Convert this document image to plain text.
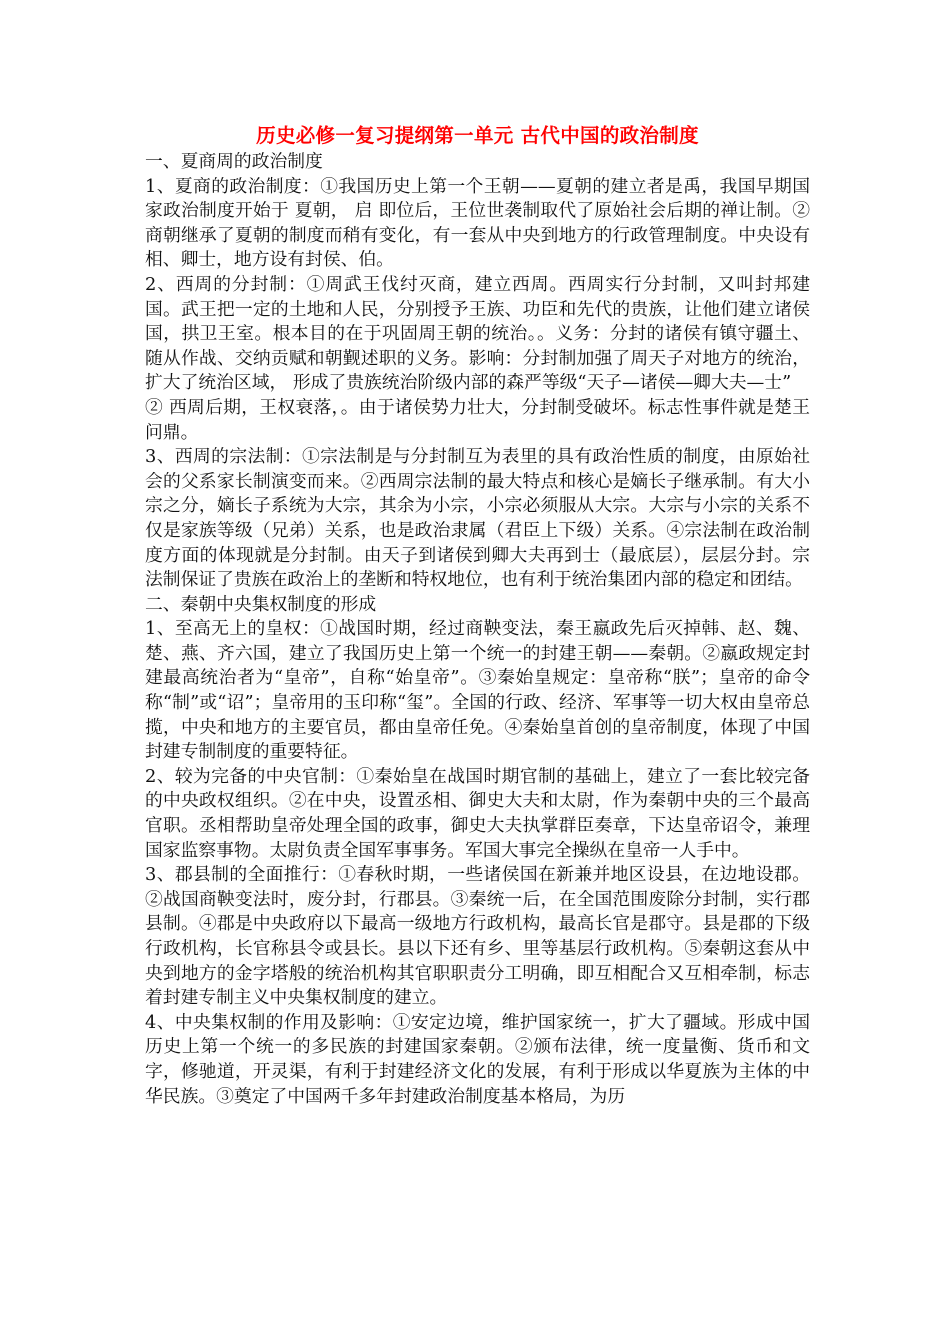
历史必修一复习提纲第一单元 古代中国的政治制度

一、夏商周的政治制度

1、夏商的政治制度：①我国历史上第一个王朝——夏朝的建立者是禹，我国早期国家政治制度开始于 夏朝， 启 即位后，王位世袭制取代了原始社会后期的禅让制。②商朝继承了夏朝的制度而稍有变化，有一套从中央到地方的行政管理制度。中央设有相、卿士，地方设有封侯、伯。

2、西周的分封制：①周武王伐纣灭商，建立西周。西周实行分封制，又叫封邦建国。武王把一定的土地和人民，分别授予王族、功臣和先代的贵族，让他们建立诸侯国，拱卫王室。根本目的在于巩固周王朝的统治。。义务：分封的诸侯有镇守疆土、随从作战、交纳贡赋和朝觐述职的义务。影响：分封制加强了周天子对地方的统治，扩大了统治区域， 形成了贵族统治阶级内部的森严等级“天子—诸侯—卿大夫—士”

② 西周后期，王权衰落，。由于诸侯势力壮大，分封制受破坏。标志性事件就是楚王问鼎。

3、西周的宗法制：①宗法制是与分封制互为表里的具有政治性质的制度，由原始社会的父系家长制演变而来。②西周宗法制的最大特点和核心是嫡长子继承制。有大小宗之分，嫡长子系统为大宗，其余为小宗，小宗必须服从大宗。大宗与小宗的关系不仅是家族等级（兄弟）关系，也是政治隶属（君臣上下级）关系。④宗法制在政治制度方面的体现就是分封制。由天子到诸侯到卿大夫再到士（最底层），层层分封。宗法制保证了贵族在政治上的垄断和特权地位，也有利于统治集团内部的稳定和团结。

二、秦朝中央集权制度的形成

1、至高无上的皇权：①战国时期，经过商鞅变法，秦王嬴政先后灭掉韩、赵、魏、楚、燕、齐六国，建立了我国历史上第一个统一的封建王朝——秦朝。②嬴政规定封建最高统治者为“皇帝”，自称“始皇帝”。③秦始皇规定：皇帝称“朕”；皇帝的命令称“制”或“诏”；皇帝用的玉印称“玺”。全国的行政、经济、军事等一切大权由皇帝总揽，中央和地方的主要官员，都由皇帝任免。④秦始皇首创的皇帝制度，体现了中国封建专制制度的重要特征。

2、较为完备的中央官制：①秦始皇在战国时期官制的基础上，建立了一套比较完备的中央政权组织。②在中央，设置丞相、御史大夫和太尉，作为秦朝中央的三个最高官职。丞相帮助皇帝处理全国的政事，御史大夫执掌群臣奏章，下达皇帝诏令，兼理国家监察事物。太尉负责全国军事事务。军国大事完全操纵在皇帝一人手中。

3、郡县制的全面推行：①春秋时期，一些诸侯国在新兼并地区设县，在边地设郡。②战国商鞅变法时，废分封，行郡县。③秦统一后，在全国范围废除分封制，实行郡县制。④郡是中央政府以下最高一级地方行政机构，最高长官是郡守。县是郡的下级行政机构，长官称县令或县长。县以下还有乡、里等基层行政机构。⑤秦朝这套从中央到地方的金字塔般的统治机构其官职职责分工明确，即互相配合又互相牵制，标志着封建专制主义中央集权制度的建立。

4、中央集权制的作用及影响：①安定边境，维护国家统一，扩大了疆域。形成中国历史上第一个统一的多民族的封建国家秦朝。②颁布法律，统一度量衡、货币和文字，修驰道，开灵渠，有利于封建经济文化的发展，有利于形成以华夏族为主体的中华民族。③奠定了中国两千多年封建政治制度基本格局，为历
